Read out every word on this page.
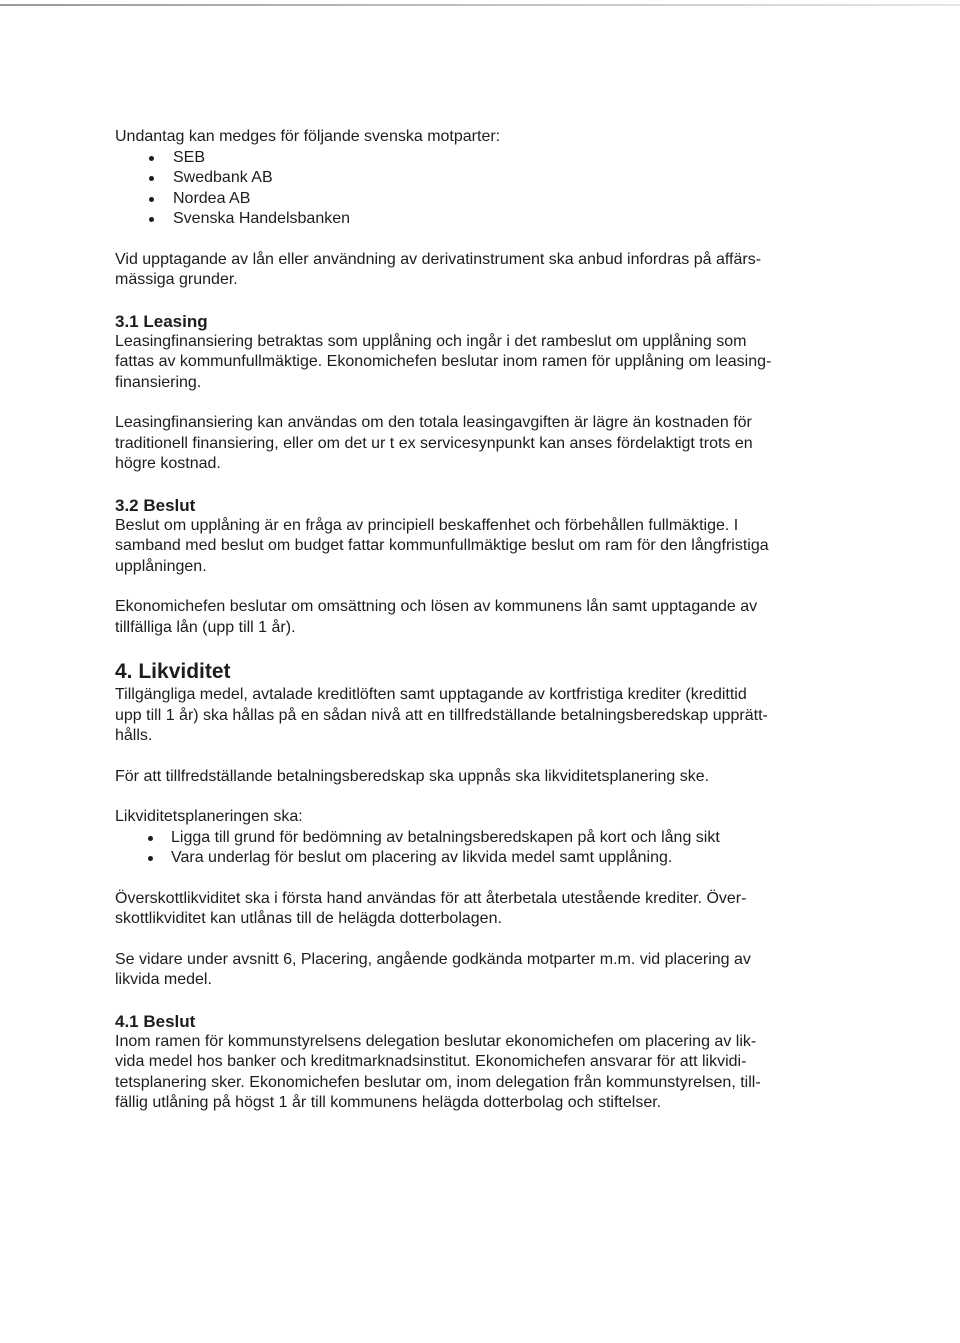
Undantag kan medges för följande svenska motparter:

SEB
Swedbank AB
Nordea AB
Svenska Handelsbanken

Vid upptagande av lån eller användning av derivatinstrument ska anbud infordras på affärs-
mässiga grunder.

3.1 Leasing

Leasingfinansiering betraktas som upplåning och ingår i det rambeslut om upplåning som
fattas av kommunfullmäktige. Ekonomichefen beslutar inom ramen för upplåning om leasing-
finansiering.

Leasingfinansiering kan användas om den totala leasingavgiften är lägre än kostnaden för
traditionell finansiering, eller om det ur t ex servicesynpunkt kan anses fördelaktigt trots en
högre kostnad.

3.2 Beslut

Beslut om upplåning är en fråga av principiell beskaffenhet och förbehållen fullmäktige. I
samband med beslut om budget fattar kommunfullmäktige beslut om ram för den långfristiga
upplåningen.

Ekonomichefen beslutar om omsättning och lösen av kommunens lån samt upptagande av
tillfälliga lån (upp till 1 år).

4. Likviditet

Tillgängliga medel, avtalade kreditlöften samt upptagande av kortfristiga krediter (kredittid
upp till 1 år) ska hållas på en sådan nivå att en tillfredställande betalningsberedskap upprätt-
hålls.

För att tillfredställande betalningsberedskap ska uppnås ska likviditetsplanering ske.

Likviditetsplaneringen ska:

Ligga till grund för bedömning av betalningsberedskapen på kort och lång sikt
Vara underlag för beslut om placering av likvida medel samt upplåning.

Överskottlikviditet ska i första hand användas för att återbetala utestående krediter. Över-
skottlikviditet kan utlånas till de helägda dotterbolagen.

Se vidare under avsnitt 6, Placering, angående godkända motparter m.m. vid placering av
likvida medel.

4.1 Beslut

Inom ramen för kommunstyrelsens delegation beslutar ekonomichefen om placering av lik-
vida medel hos banker och kreditmarknadsinstitut. Ekonomichefen ansvarar för att likvidi-
tetsplanering sker. Ekonomichefen beslutar om, inom delegation från kommunstyrelsen, till-
fällig utlåning på högst 1 år till kommunens helägda dotterbolag och stiftelser.
